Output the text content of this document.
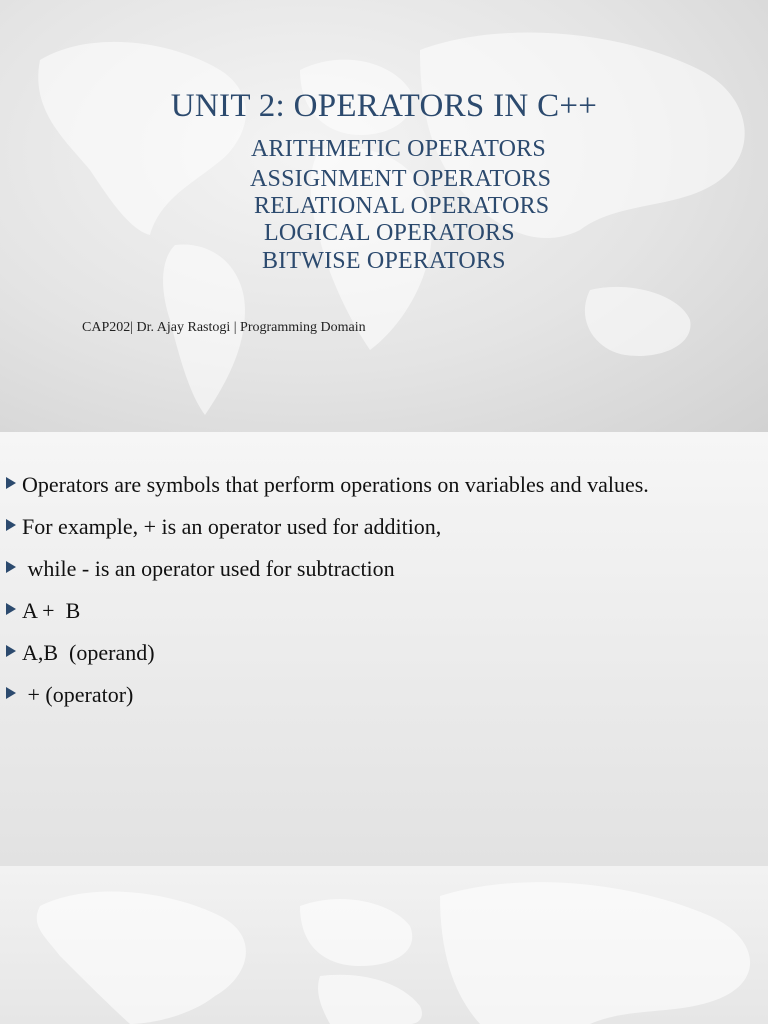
UNIT 2: OPERATORS IN C++

ARITHMETIC OPERATORS

ASSIGNMENT OPERATORS

RELATIONAL OPERATORS

LOGICAL OPERATORS

BITWISE OPERATORS

CAP202| Dr. Ajay Rastogi | Programming Domain
Operators are symbols that perform operations on variables and values.
For example, + is an operator used for addition,
while - is an operator used for subtraction
A +  B
A,B  (operand)
+ (operator)
